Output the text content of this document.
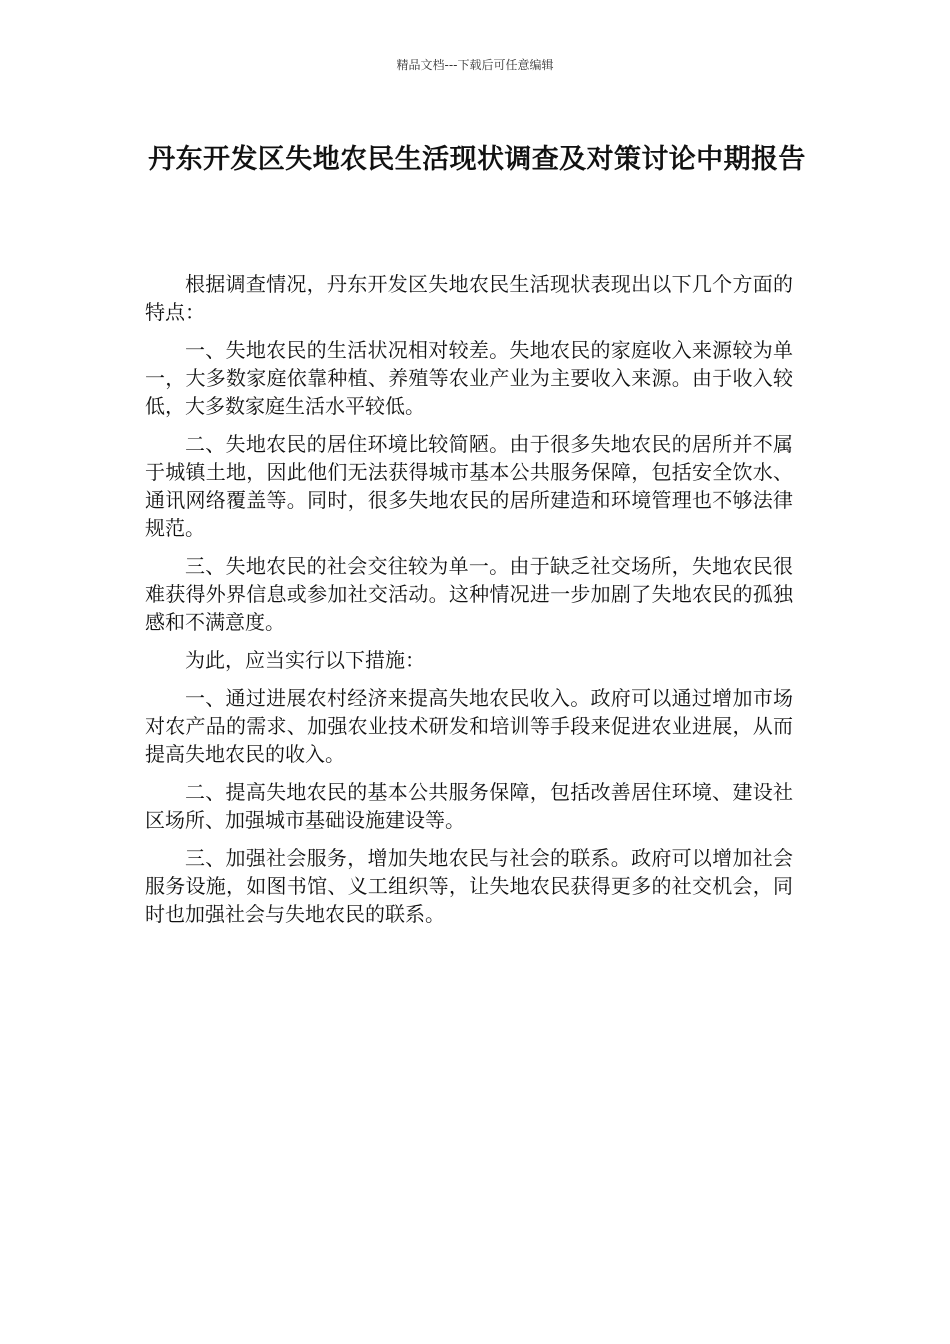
精品文档---下载后可任意编辑
丹东开发区失地农民生活现状调查及对策讨论中期报告

根据调查情况，丹东开发区失地农民生活现状表现出以下几个方面的特点：

一、失地农民的生活状况相对较差。失地农民的家庭收入来源较为单一，大多数家庭依靠种植、养殖等农业产业为主要收入来源。由于收入较低，大多数家庭生活水平较低。

二、失地农民的居住环境比较简陋。由于很多失地农民的居所并不属于城镇土地，因此他们无法获得城市基本公共服务保障，包括安全饮水、通讯网络覆盖等。同时，很多失地农民的居所建造和环境管理也不够法律规范。

三、失地农民的社会交往较为单一。由于缺乏社交场所，失地农民很难获得外界信息或参加社交活动。这种情况进一步加剧了失地农民的孤独感和不满意度。

为此，应当实行以下措施：

一、通过进展农村经济来提高失地农民收入。政府可以通过增加市场对农产品的需求、加强农业技术研发和培训等手段来促进农业进展，从而提高失地农民的收入。

二、提高失地农民的基本公共服务保障，包括改善居住环境、建设社区场所、加强城市基础设施建设等。

三、加强社会服务，增加失地农民与社会的联系。政府可以增加社会服务设施，如图书馆、义工组织等，让失地农民获得更多的社交机会，同时也加强社会与失地农民的联系。
